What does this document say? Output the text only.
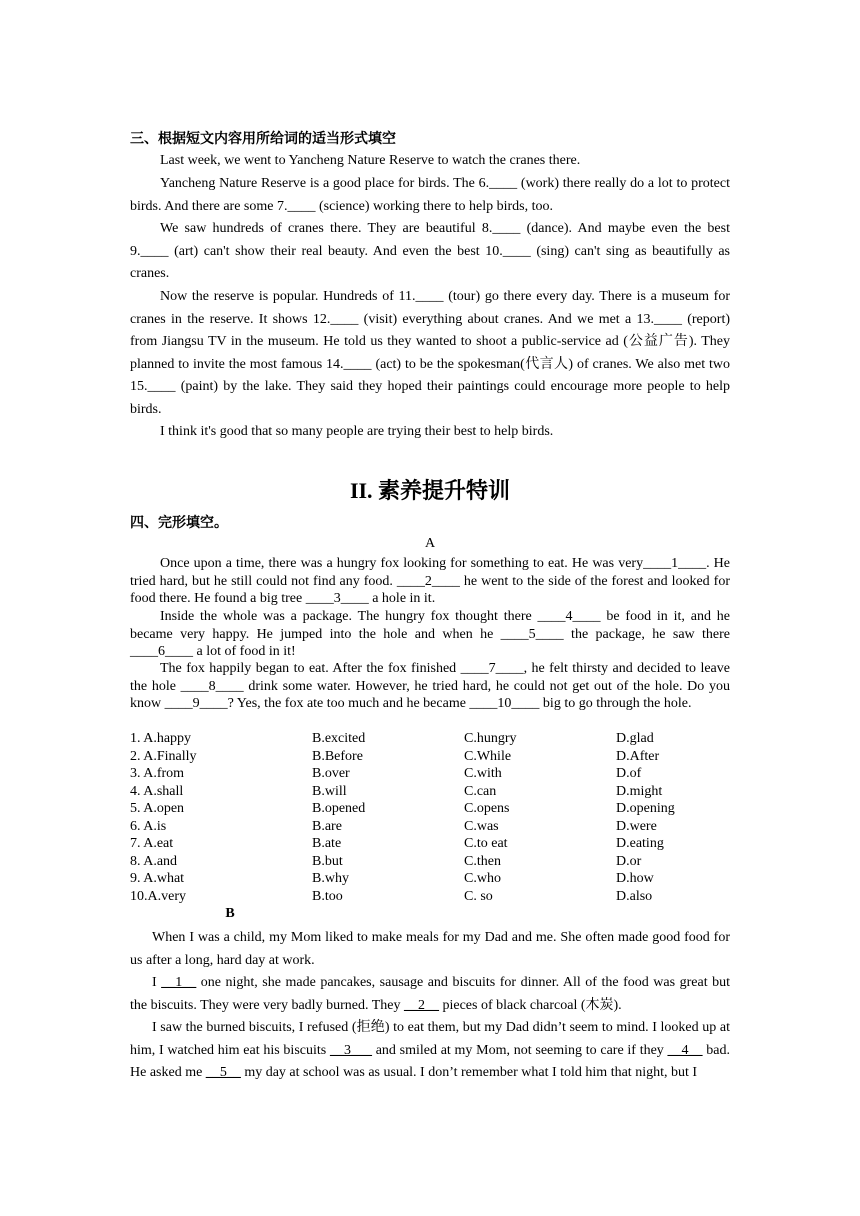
三、根据短文内容用所给词的适当形式填空
Last week, we went to Yancheng Nature Reserve to watch the cranes there.
Yancheng Nature Reserve is a good place for birds. The 6.____ (work) there really do a lot to protect birds. And there are some 7.____ (science) working there to help birds, too.
We saw hundreds of cranes there. They are beautiful 8.____ (dance). And maybe even the best 9.____ (art) can't show their real beauty. And even the best 10.____ (sing) can't sing as beautifully as cranes.
Now the reserve is popular. Hundreds of 11.____ (tour) go there every day. There is a museum for cranes in the reserve. It shows 12.____ (visit) everything about cranes. And we met a 13.____ (report) from Jiangsu TV in the museum. He told us they wanted to shoot a public-service ad (公益广告). They planned to invite the most famous 14.____ (act) to be the spokesman(代言人) of cranes. We also met two 15.____ (paint) by the lake. They said they hoped their paintings could encourage more people to help birds.
I think it's good that so many people are trying their best to help birds.
II. 素养提升特训
四、完形填空。
A
Once upon a time, there was a hungry fox looking for something to eat. He was very____1____. He tried hard, but he still could not find any food. ____2____ he went to the side of the forest and looked for food there. He found a big tree ____3____ a hole in it.
Inside the whole was a package. The hungry fox thought there ____4____ be food in it, and he became very happy. He jumped into the hole and when he ____5____ the package, he saw there ____6____ a lot of food in it!
The fox happily began to eat. After the fox finished ____7____, he felt thirsty and decided to leave the hole ____8____ drink some water. However, he tried hard, he could not get out of the hole. Do you know ____9____? Yes, the fox ate too much and he became ____10____ big to go through the hole.
1. A.happy	B.excited	C.hungry	D.glad
2. A.Finally	B.Before	C.While	D.After
3. A.from	B.over	C.with	D.of
4. A.shall	B.will	C.can	D.might
5. A.open	B.opened	C.opens	D.opening
6. A.is	B.are	C.was	D.were
7. A.eat	B.ate	C.to eat	D.eating
8. A.and	B.but	C.then	D.or
9. A.what	B.why	C.who	D.how
10.A.very	B.too	C. so	D.also
B
When I was a child, my Mom liked to make meals for my Dad and me. She often made good food for us after a long, hard day at work.
I __1__ one night, she made pancakes, sausage and biscuits for dinner. All of the food was great but the biscuits. They were very badly burned. They __2__ pieces of black charcoal (木炭).
I saw the burned biscuits, I refused (拒绝) to eat them, but my Dad didn’t seem to mind. I looked up at him, I watched him eat his biscuits __3___ and smiled at my Mom, not seeming to care if they __4__ bad. He asked me __5__ my day at school was as usual. I don’t remember what I told him that night, but I
